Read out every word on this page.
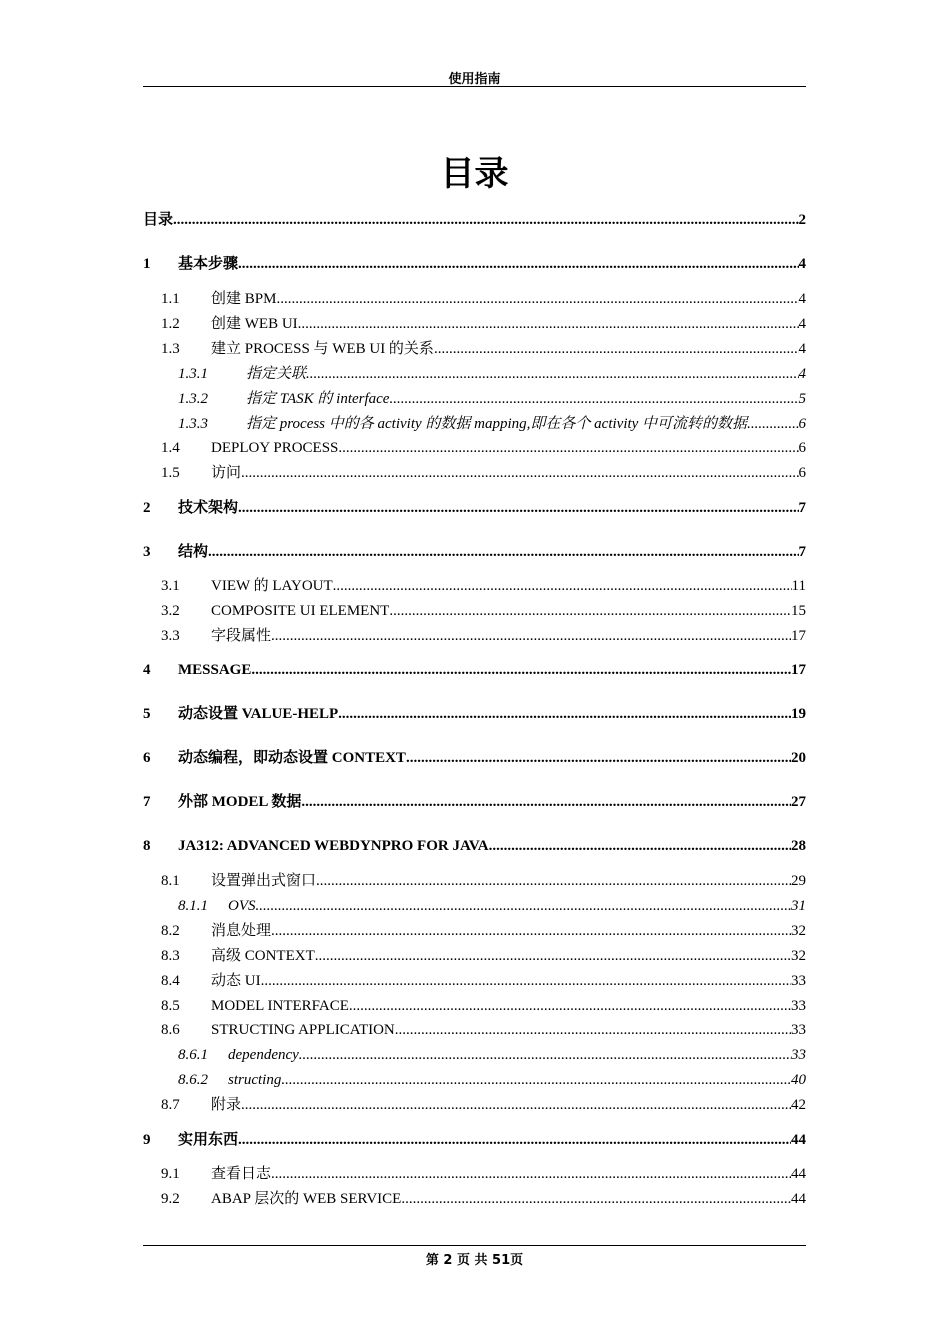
使用指南
目录
目录 .....	2
1	基本步骤 .....	4
1.1	创建 BPM .....	4
1.2	创建 WEB UI .....	4
1.3	建立 PROCESS 与 WEB UI 的关系 .....	4
1.3.1	指定关联 .....	4
1.3.2	指定 TASK 的 interface .....	5
1.3.3	指定 process 中的各 activity 的数据 mapping,即在各个 activity 中可流转的数据 .....	6
1.4	DEPLOY PROCESS .....	6
1.5	访问 .....	6
2	技术架构 .....	7
3	结构 .....	7
3.1	VIEW 的 LAYOUT .....	11
3.2	COMPOSITE UI ELEMENT .....	15
3.3	字段属性 .....	17
4	MESSAGE .....	17
5	动态设置 VALUE-HELP .....	19
6	动态编程，即动态设置 CONTEXT .....	20
7	外部 MODEL 数据 .....	27
8	JA312: ADVANCED WEBDYNPRO FOR JAVA .....	28
8.1	设置弹出式窗口 .....	29
8.1.1	OVS .....	31
8.2	消息处理 .....	32
8.3	高级 CONTEXT .....	32
8.4	动态 UI .....	33
8.5	MODEL INTERFACE .....	33
8.6	STRUCTING APPLICATION .....	33
8.6.1	dependency .....	33
8.6.2	structing .....	40
8.7	附录 .....	42
9	实用东西 .....	44
9.1	查看日志 .....	44
9.2	ABAP 层次的 WEB SERVICE .....	44
第 2 页 共 51页
